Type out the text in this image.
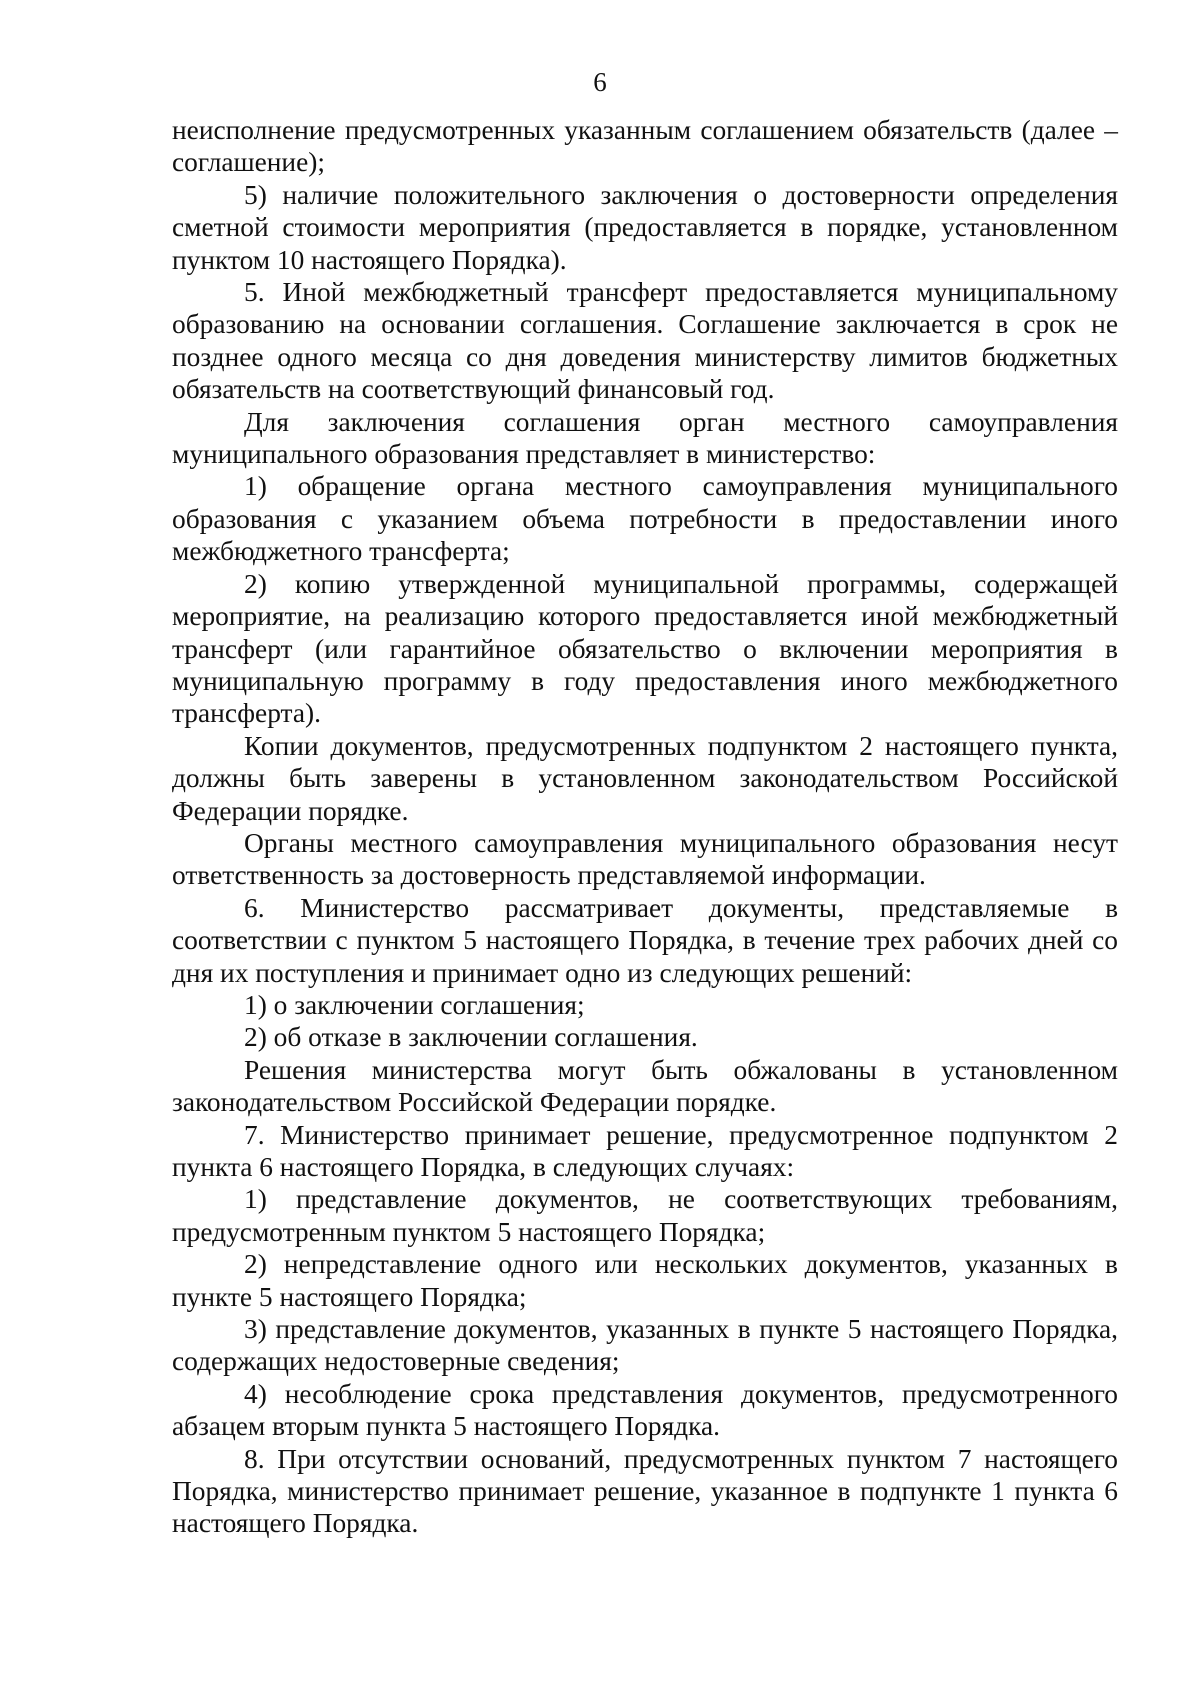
6

неисполнение предусмотренных указанным соглашением обязательств (далее – соглашение);

5) наличие положительного заключения о достоверности определения сметной стоимости мероприятия (предоставляется в порядке, установленном пунктом 10 настоящего Порядка).

5. Иной межбюджетный трансферт предоставляется муниципальному образованию на основании соглашения. Соглашение заключается в срок не позднее одного месяца со дня доведения министерству лимитов бюджетных обязательств на соответствующий финансовый год.

Для заключения соглашения орган местного самоуправления муниципального образования представляет в министерство:

1) обращение органа местного самоуправления муниципального образования с указанием объема потребности в предоставлении иного межбюджетного трансферта;

2) копию утвержденной муниципальной программы, содержащей мероприятие, на реализацию которого предоставляется иной межбюджетный трансферт (или гарантийное обязательство о включении мероприятия в муниципальную программу в году предоставления иного межбюджетного трансферта).

Копии документов, предусмотренных подпунктом 2 настоящего пункта, должны быть заверены в установленном законодательством Российской Федерации порядке.

Органы местного самоуправления муниципального образования несут ответственность за достоверность представляемой информации.

6. Министерство рассматривает документы, представляемые в соответствии с пунктом 5 настоящего Порядка, в течение трех рабочих дней со дня их поступления и принимает одно из следующих решений:

1) о заключении соглашения;

2) об отказе в заключении соглашения.

Решения министерства могут быть обжалованы в установленном законодательством Российской Федерации порядке.

7. Министерство принимает решение, предусмотренное подпунктом 2 пункта 6 настоящего Порядка, в следующих случаях:

1) представление документов, не соответствующих требованиям, предусмотренным пунктом 5 настоящего Порядка;

2) непредставление одного или нескольких документов, указанных в пункте 5 настоящего Порядка;

3) представление документов, указанных в пункте 5 настоящего Порядка, содержащих недостоверные сведения;

4) несоблюдение срока представления документов, предусмотренного абзацем вторым пункта 5 настоящего Порядка.

8. При отсутствии оснований, предусмотренных пунктом 7 настоящего Порядка, министерство принимает решение, указанное в подпункте 1 пункта 6 настоящего Порядка.
